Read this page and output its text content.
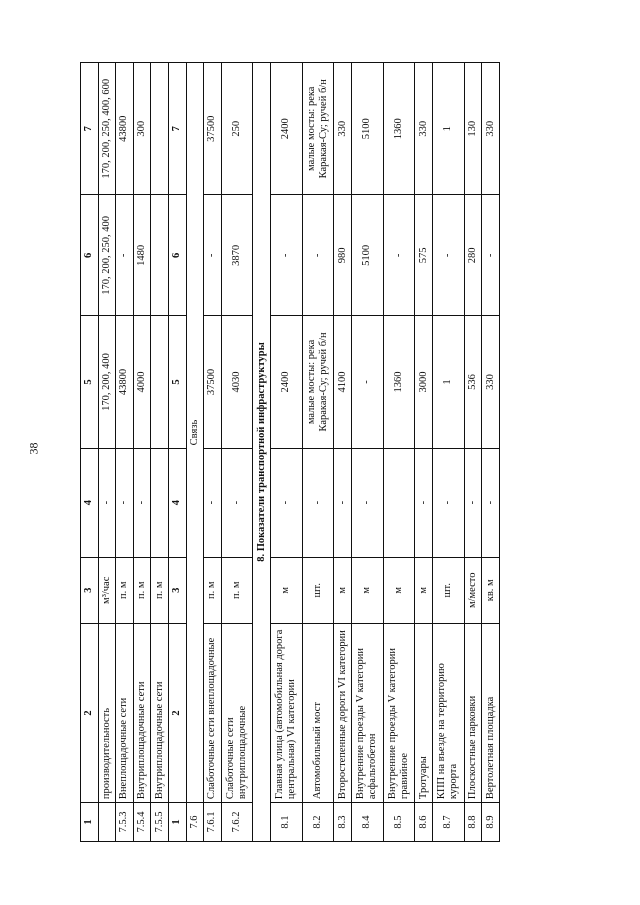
38
1	2	3	4	5	6	7
	производительность	м³/час	-	170, 200, 400	170, 200, 250, 400	170, 200, 250, 400, 600
7.5.3	Внеплощадочные сети	п. м	-	43800	-	43800
7.5.4	Внутриплощадочные сети	п. м	-	4000	1480	300
7.5.5	Внутриплощадочные сети	п. м				
1	2	3	4	5	6	7
7.6	Связь					
7.6.1	Слаботочные сети внеплощадочные	п. м	-	37500	-	37500
7.6.2	Слаботочные сети внутриплощадочные	п. м	-	4030	3870	250
8. Показатели транспортной инфраструктуры						
8.1	Главная улица (автомобильная дорога центральная) VI категории	м	-	2400	-	2400
8.2	Автомобильный мост	шт.	-	малые мосты: река Каракая-Су; ручей б/н	-	малые мосты: река Каракая-Су; ручей б/н
8.3	Второстепенные дороги VI категории	м	-	4100	980	330
8.4	Внутренние проезды V категории асфальтобетон	м	-	-	5100	5100
8.5	Внутренние проезды V категории гравийное	м		1360	-	1360
8.6	Тротуары	м	-	3000	575	330
8.7	КПП на въезде на территорию курорта	шт.	-	1	-	1
8.8	Плоскостные парковки	м/место	-	536	280	130
8.9	Вертолетная площадка	кв. м	-	330	-	330
